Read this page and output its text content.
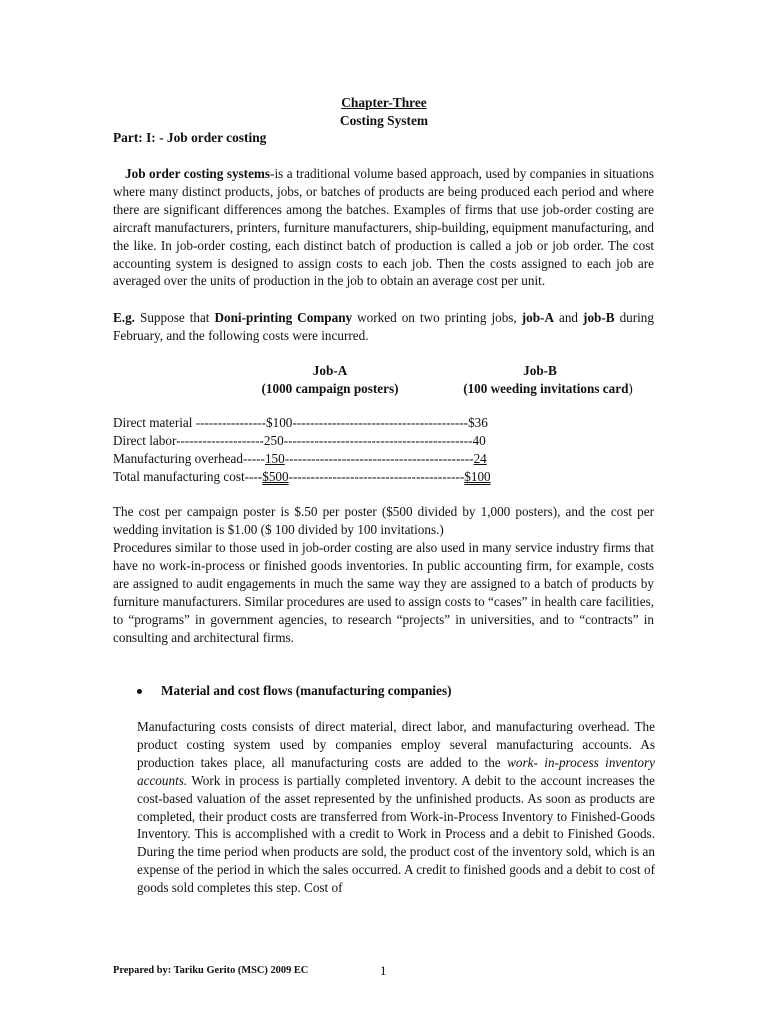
Chapter-Three
Costing System
Part: I: - Job order costing
Job order costing systems-is a traditional volume based approach, used by companies in situations where many distinct products, jobs, or batches of products are being produced each period and where there are significant differences among the batches. Examples of firms that use job-order costing are aircraft manufacturers, printers, furniture manufacturers, ship-building, equipment manufacturing, and the like. In job-order costing, each distinct batch of production is called a job or job order. The cost accounting system is designed to assign costs to each job. Then the costs assigned to each job are averaged over the units of production in the job to obtain an average cost per unit.
E.g. Suppose that Doni-printing Company worked on two printing jobs, job-A and job-B during February, and the following costs were incurred.
Job-A
(1000 campaign posters)
Job-B
(100 weeding invitations card)
Direct material ----------------$100----------------------------------------$36
Direct labor--------------------250-------------------------------------------40
Manufacturing overhead-----150-------------------------------------------24
Total manufacturing cost----$500----------------------------------------$100
The cost per campaign poster is $.50 per poster ($500 divided by 1,000 posters), and the cost per wedding invitation is $1.00 ($ 100 divided by 100 invitations.)
Procedures similar to those used in job-order costing are also used in many service industry firms that have no work-in-process or finished goods inventories. In public accounting firm, for example, costs are assigned to audit engagements in much the same way they are assigned to a batch of products by furniture manufacturers. Similar procedures are used to assign costs to “cases” in health care facilities, to “programs” in government agencies, to research “projects” in universities, and to “contracts” in consulting and architectural firms.
Material and cost flows (manufacturing companies)
Manufacturing costs consists of direct material, direct labor, and manufacturing overhead. The product costing system used by companies employ several manufacturing accounts. As production takes place, all manufacturing costs are added to the work- in-process inventory accounts. Work in process is partially completed inventory. A debit to the account increases the cost-based valuation of the asset represented by the unfinished products. As soon as products are completed, their product costs are transferred from Work-in-Process Inventory to Finished-Goods Inventory. This is accomplished with a credit to Work in Process and a debit to Finished Goods. During the time period when products are sold, the product cost of the inventory sold, which is an expense of the period in which the sales occurred. A credit to finished goods and a debit to cost of goods sold completes this step. Cost of
Prepared by: Tariku Gerito (MSC) 2009 EC	1
